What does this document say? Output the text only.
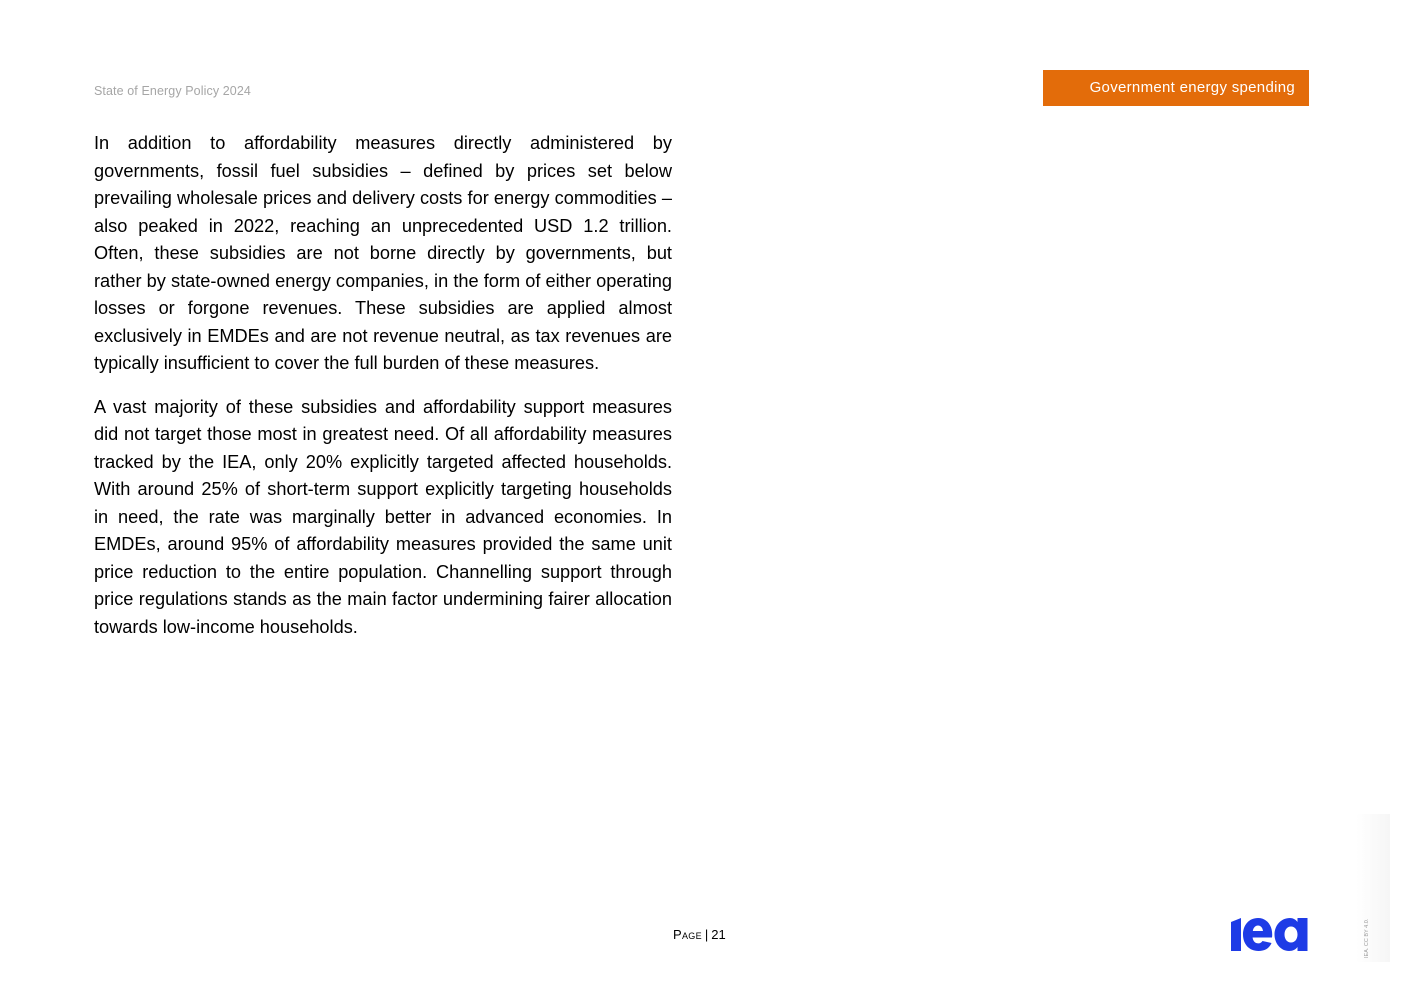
State of Energy Policy 2024	Government energy spending

In addition to affordability measures directly administered by governments, fossil fuel subsidies – defined by prices set below prevailing wholesale prices and delivery costs for energy commodities – also peaked in 2022, reaching an unprecedented USD 1.2 trillion. Often, these subsidies are not borne directly by governments, but rather by state-owned energy companies, in the form of either operating losses or forgone revenues. These subsidies are applied almost exclusively in EMDEs and are not revenue neutral, as tax revenues are typically insufficient to cover the full burden of these measures.

A vast majority of these subsidies and affordability support measures did not target those most in greatest need. Of all affordability measures tracked by the IEA, only 20% explicitly targeted affected households. With around 25% of short-term support explicitly targeting households in need, the rate was marginally better in advanced economies. In EMDEs, around 95% of affordability measures provided the same unit price reduction to the entire population. Channelling support through price regulations stands as the main factor undermining fairer allocation towards low-income households.

Page | 21	IEA. CC BY 4.0.
